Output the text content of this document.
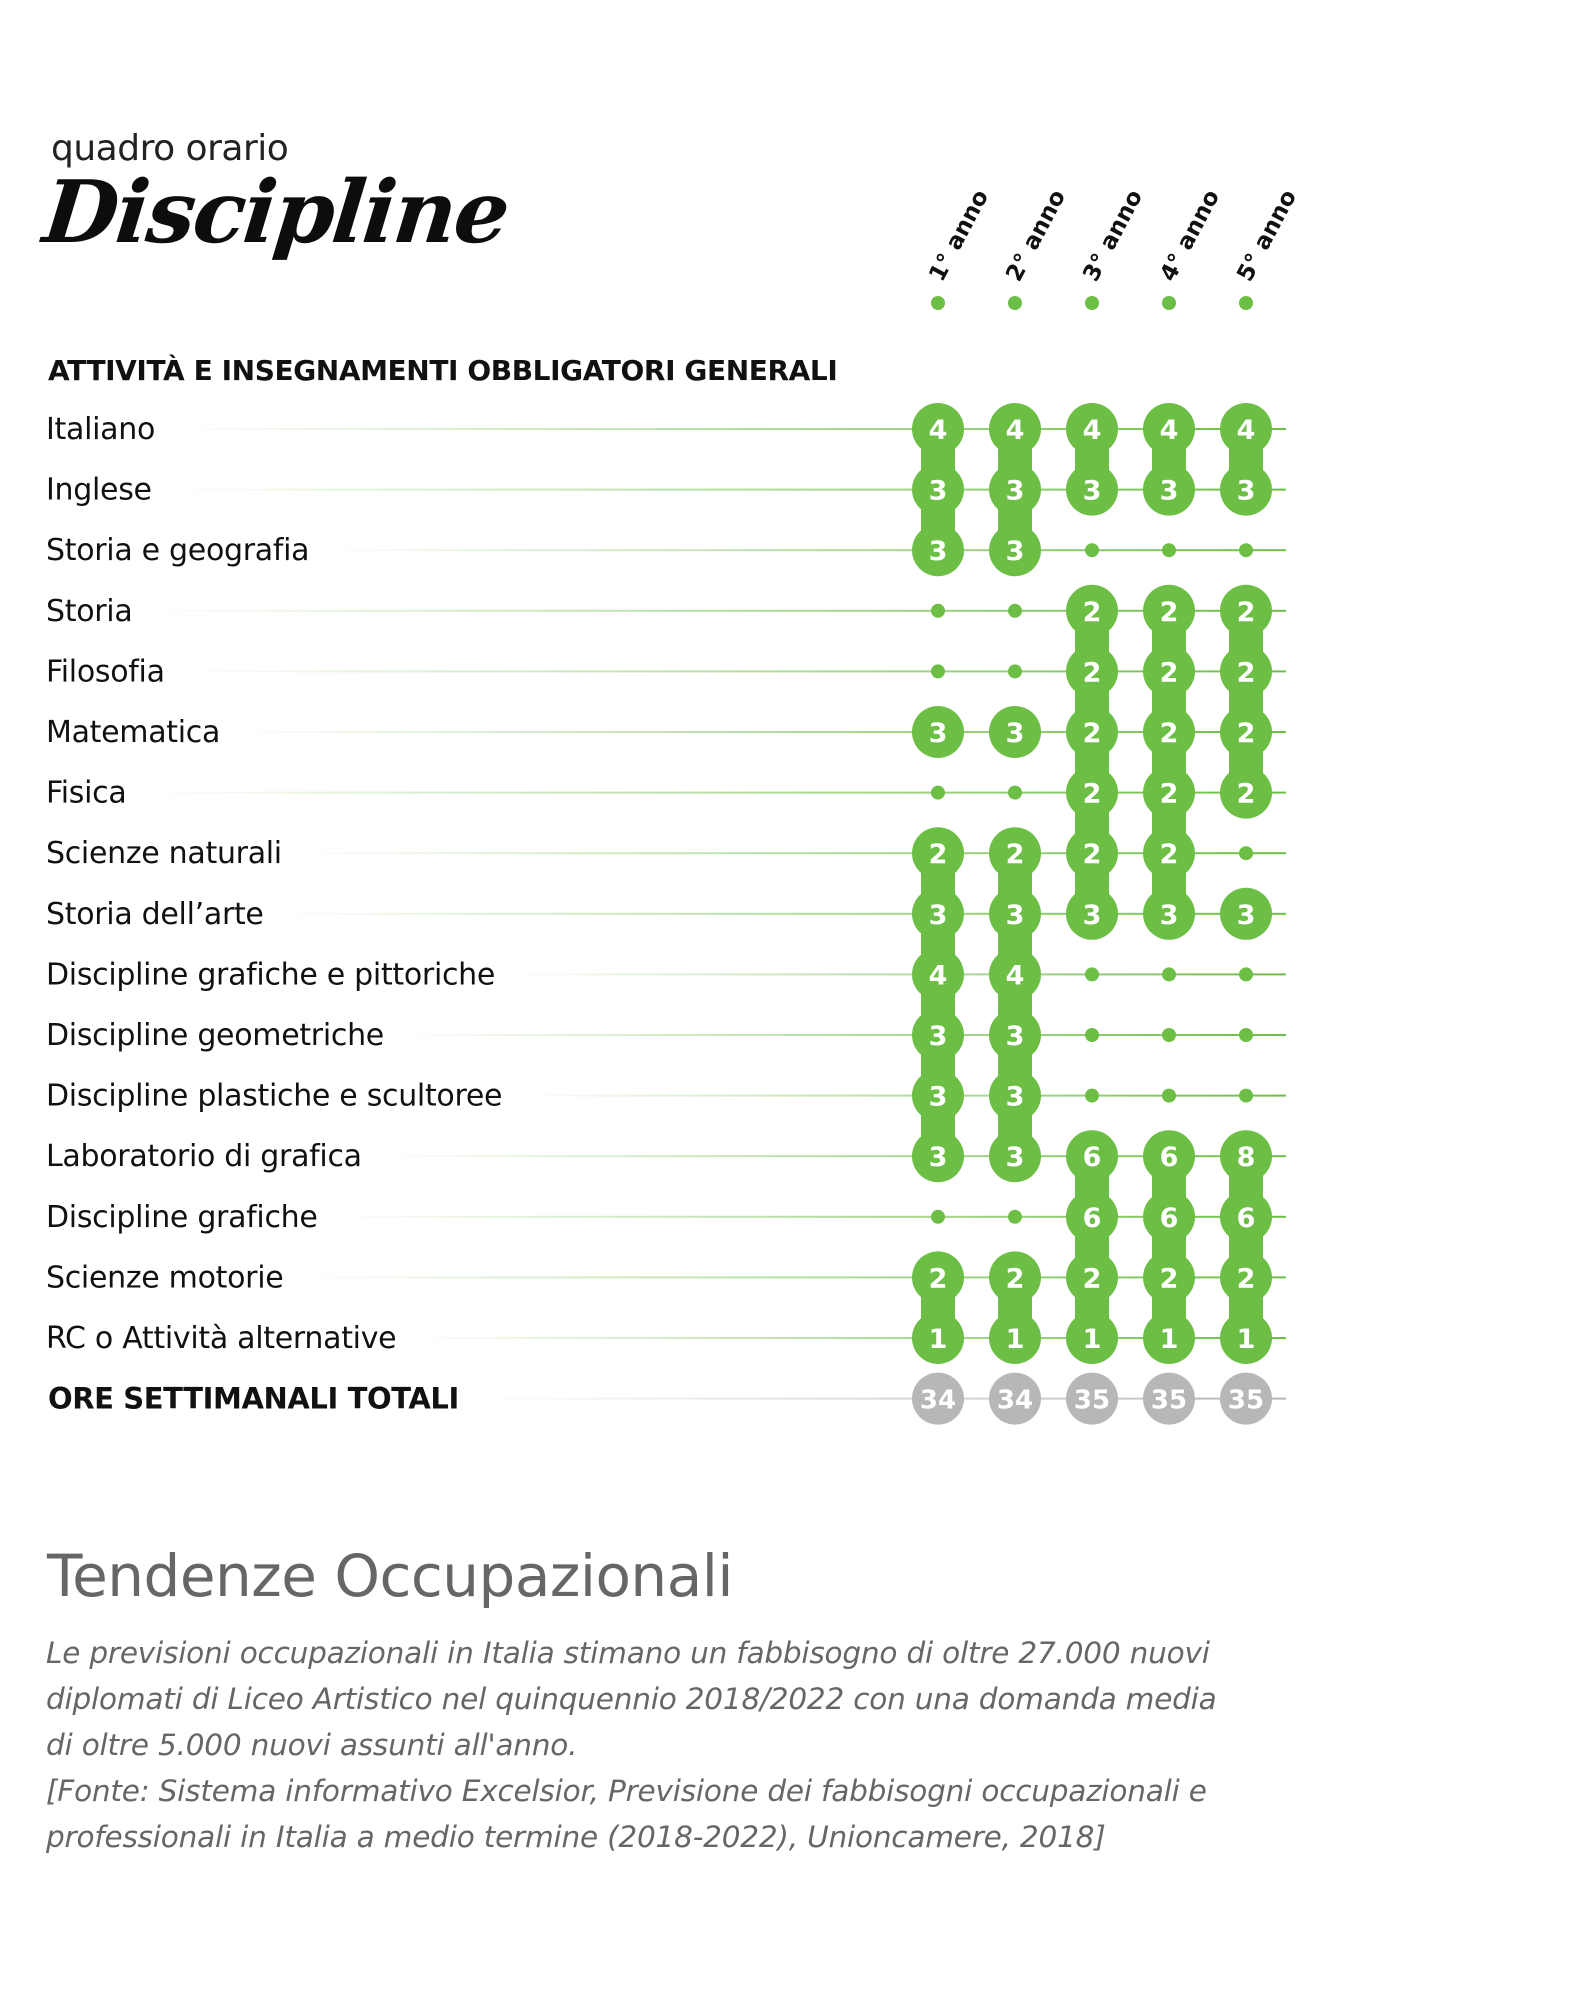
quadro orario
Discipline	1° anno 2° anno 3° anno 4° anno 5° anno
ATTIVITÀ E INSEGNAMENTI OBBLIGATORI GENERALI
Italiano
Inglese
Storia e geografia
Storia
Filosofia
Matematica
Fisica
Scienze naturali
Storia dell’arte
Discipline grafiche e pittoriche
Discipline geometriche
Discipline plastiche e scultoree
Laboratorio di grafica
Discipline grafiche
Scienze motorie
RC o Attività alternative
4 4 4 4 4
3 3 3 3 3
3 3
2 2 2
2 2 2
3 3 2 2 2
2 2 2
2 2 2 2
3 3 3 3 3
4 4
3 3
3 3
3 3 6 6 8
6 6 6
2 2 2 2 2
1 1 1 1 1
ORE SETTIMANALI TOTALI	34 34 35 35 35
Tendenze Occupazionali
Le previsioni occupazionali in Italia stimano un fabbisogno di oltre 27.000 nuovi
diplomati di Liceo Artistico nel quinquennio 2018/2022 con una domanda media
di oltre 5.000 nuovi assunti all'anno.
[Fonte: Sistema informativo Excelsior, Previsione dei fabbisogni occupazionali e
professionali in Italia a medio termine (2018-2022), Unioncamere, 2018]
